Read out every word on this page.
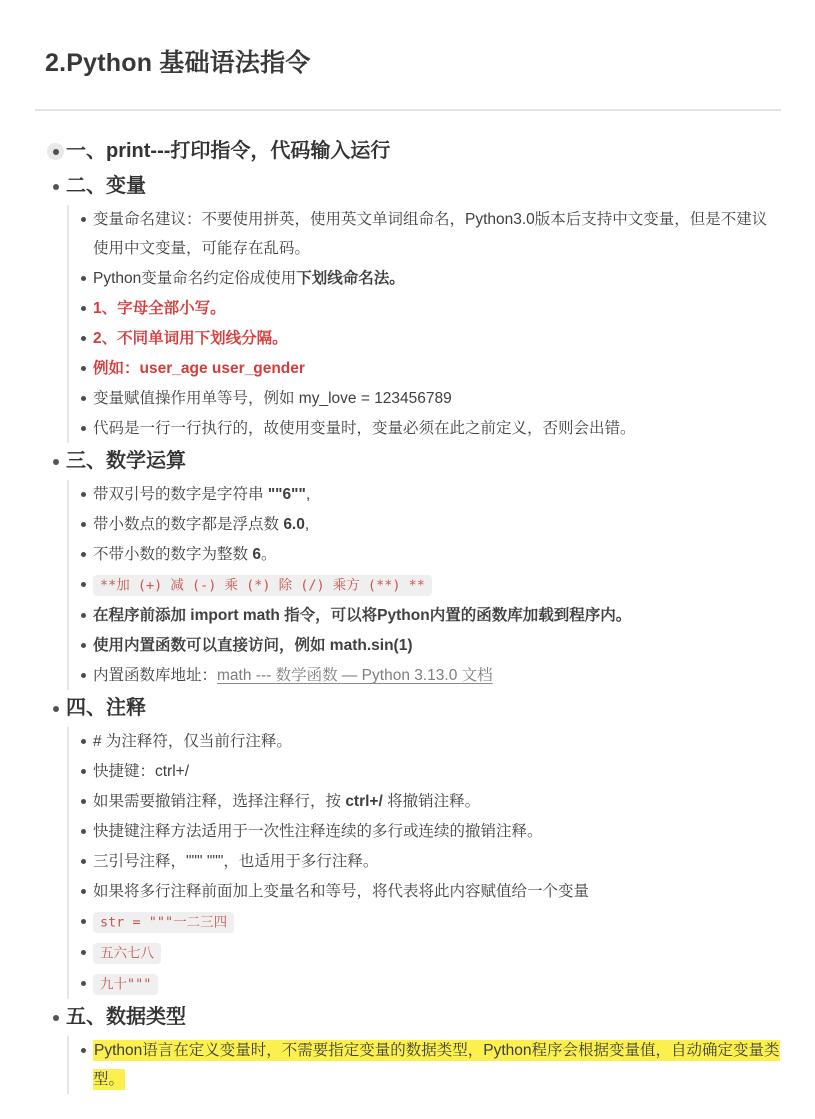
2.Python 基础语法指令
一、print---打印指令，代码输入运行
二、变量
变量命名建议：不要使用拼英，使用英文单词组命名，Python3.0版本后支持中文变量，但是不建议使用中文变量，可能存在乱码。
Python变量命名约定俗成使用下划线命名法。
1、字母全部小写。
2、不同单词用下划线分隔。
例如：user_age user_gender
变量赋值操作用单等号，例如 my_love = 123456789
代码是一行一行执行的，故使用变量时，变量必须在此之前定义，否则会出错。
三、数学运算
带双引号的数字是字符串 ""6"",
带小数点的数字都是浮点数 6.0,
不带小数的数字为整数 6。
**加 (+) 减 (-) 乘 (*) 除 (/) 乘方 (**) **
在程序前添加 import math 指令，可以将Python内置的函数库加载到程序内。
使用内置函数可以直接访问，例如 math.sin(1)
内置函数库地址：math --- 数学函数 — Python 3.13.0 文档
四、注释
# 为注释符，仅当前行注释。
快捷键：ctrl+/
如果需要撤销注释，选择注释行，按 ctrl+/ 将撤销注释。
快捷键注释方法适用于一次性注释连续的多行或连续的撤销注释。
三引号注释，""" """，也适用于多行注释。
如果将多行注释前面加上变量名和等号，将代表将此内容赋值给一个变量
str = """一二三四
五六七八
九十"""
五、数据类型
Python语言在定义变量时，不需要指定变量的数据类型，Python程序会根据变量值，自动确定变量类型。
